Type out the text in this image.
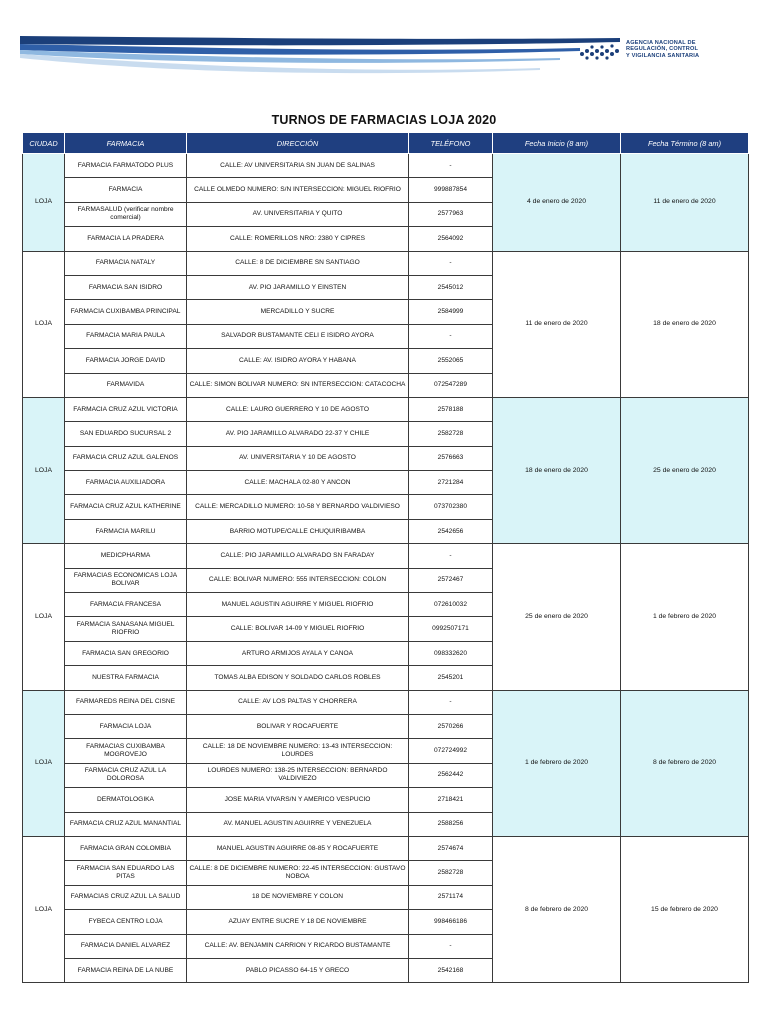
AGENCIA NACIONAL DE
REGULACIÓN, CONTROL
Y VIGILANCIA SANITARIA
TURNOS DE FARMACIAS LOJA 2020
CIUDAD	FARMACIA	DIRECCIÓN	TELÉFONO	Fecha Inicio (8 am)	Fecha Término (8 am)
LOJA	FARMACIA FARMATODO PLUS	CALLE: AV UNIVERSITARIA SN JUAN DE SALINAS	-	4 de enero de 2020	11 de enero de 2020
	FARMACIA	CALLE OLMEDO NUMERO: S/N INTERSECCION: MIGUEL RIOFRIO	999887854		
	FARMASALUD (verificar nombre comercial)	AV. UNIVERSITARIA Y QUITO	2577963		
	FARMACIA LA PRADERA	CALLE: ROMERILLOS NRO: 2380 Y CIPRES	2564092		
LOJA	FARMACIA NATALY	CALLE: 8 DE DICIEMBRE SN SANTIAGO	-	11 de enero de 2020	18 de enero de 2020
	FARMACIA SAN ISIDRO	AV. PIO JARAMILLO Y EINSTEN	2545012		
	FARMACIA CUXIBAMBA PRINCIPAL	MERCADILLO Y SUCRE	2584999		
	FARMACIA MARIA PAULA	SALVADOR BUSTAMANTE CELI E ISIDRO AYORA	-		
	FARMACIA JORGE DAVID	CALLE: AV. ISIDRO AYORA Y HABANA	2552065		
	FARMAVIDA	CALLE: SIMON BOLIVAR NUMERO: SN INTERSECCION: CATACOCHA	072547289		
LOJA	FARMACIA CRUZ AZUL VICTORIA	CALLE: LAURO GUERRERO Y 10 DE AGOSTO	2578188	18 de enero de 2020	25 de enero de 2020
	SAN EDUARDO SUCURSAL 2	AV. PIO JARAMILLO ALVARADO 22-37 Y CHILE	2582728		
	FARMACIA CRUZ AZUL GALENOS	AV. UNIVERSITARIA Y 10 DE AGOSTO	2576663		
	FARMACIA AUXILIADORA	CALLE: MACHALA 02-80 Y ANCON	2721284		
	FARMACIA CRUZ AZUL KATHERINE	CALLE: MERCADILLO NUMERO: 10-58 Y BERNARDO VALDIVIESO	073702380		
	FARMACIA MARILU	BARRIO MOTUPE/CALLE CHUQUIRIBAMBA	2542656		
LOJA	MEDICPHARMA	CALLE: PIO JARAMILLO ALVARADO SN FARADAY	-	25 de enero de 2020	1 de febrero de 2020
	FARMACIAS ECONOMICAS LOJA BOLIVAR	CALLE: BOLIVAR NUMERO: 555 INTERSECCION: COLON	2572467		
	FARMACIA FRANCESA	MANUEL AGUSTIN AGUIRRE Y MIGUEL RIOFRIO	072610032		
	FARMACIA SANASANA MIGUEL RIOFRIO	CALLE: BOLIVAR 14-09 Y MIGUEL RIOFRIO	0992507171		
	FARMACIA SAN GREGORIO	ARTURO ARMIJOS AYALA Y CANOA	098332620		
	NUESTRA FARMACIA	TOMAS ALBA EDISON Y SOLDADO CARLOS ROBLES	2545201		
LOJA	FARMAREDS REINA DEL CISNE	CALLE: AV LOS PALTAS Y CHORRERA	-	1 de febrero de 2020	8 de febrero de 2020
	FARMACIA LOJA	BOLIVAR Y ROCAFUERTE	2570266		
	FARMACIAS CUXIBAMBA MOGROVEJO	CALLE: 18 DE NOVIEMBRE NUMERO: 13-43 INTERSECCION: LOURDES	072724992		
	FARMACIA CRUZ AZUL LA DOLOROSA	LOURDES NUMERO: 138-25 INTERSECCION: BERNARDO VALDIVIEZO	2562442		
	DERMATOLOGIKA	JOSE MARIA VIVARS/N Y AMERICO VESPUCIO	2718421		
	FARMACIA CRUZ AZUL MANANTIAL	AV. MANUEL AGUSTIN AGUIRRE Y VENEZUELA	2588256		
LOJA	FARMACIA GRAN COLOMBIA	MANUEL AGUSTIN AGUIRRE 08-85 Y ROCAFUERTE	2574674	8 de febrero de 2020	15 de febrero de 2020
	FARMACIA SAN EDUARDO LAS PITAS	CALLE: 8 DE DICIEMBRE NUMERO: 22-45 INTERSECCION: GUSTAVO NOBOA	2582728		
	FARMACIAS CRUZ AZUL LA SALUD	18 DE NOVIEMBRE Y COLON	2571174		
	FYBECA CENTRO LOJA	AZUAY ENTRE SUCRE Y 18 DE NOVIEMBRE	998466186		
	FARMACIA DANIEL ALVAREZ	CALLE: AV. BENJAMIN CARRION Y RICARDO BUSTAMANTE	-		
	FARMACIA REINA DE LA NUBE	PABLO PICASSO 64-15 Y GRECO	2542168		
